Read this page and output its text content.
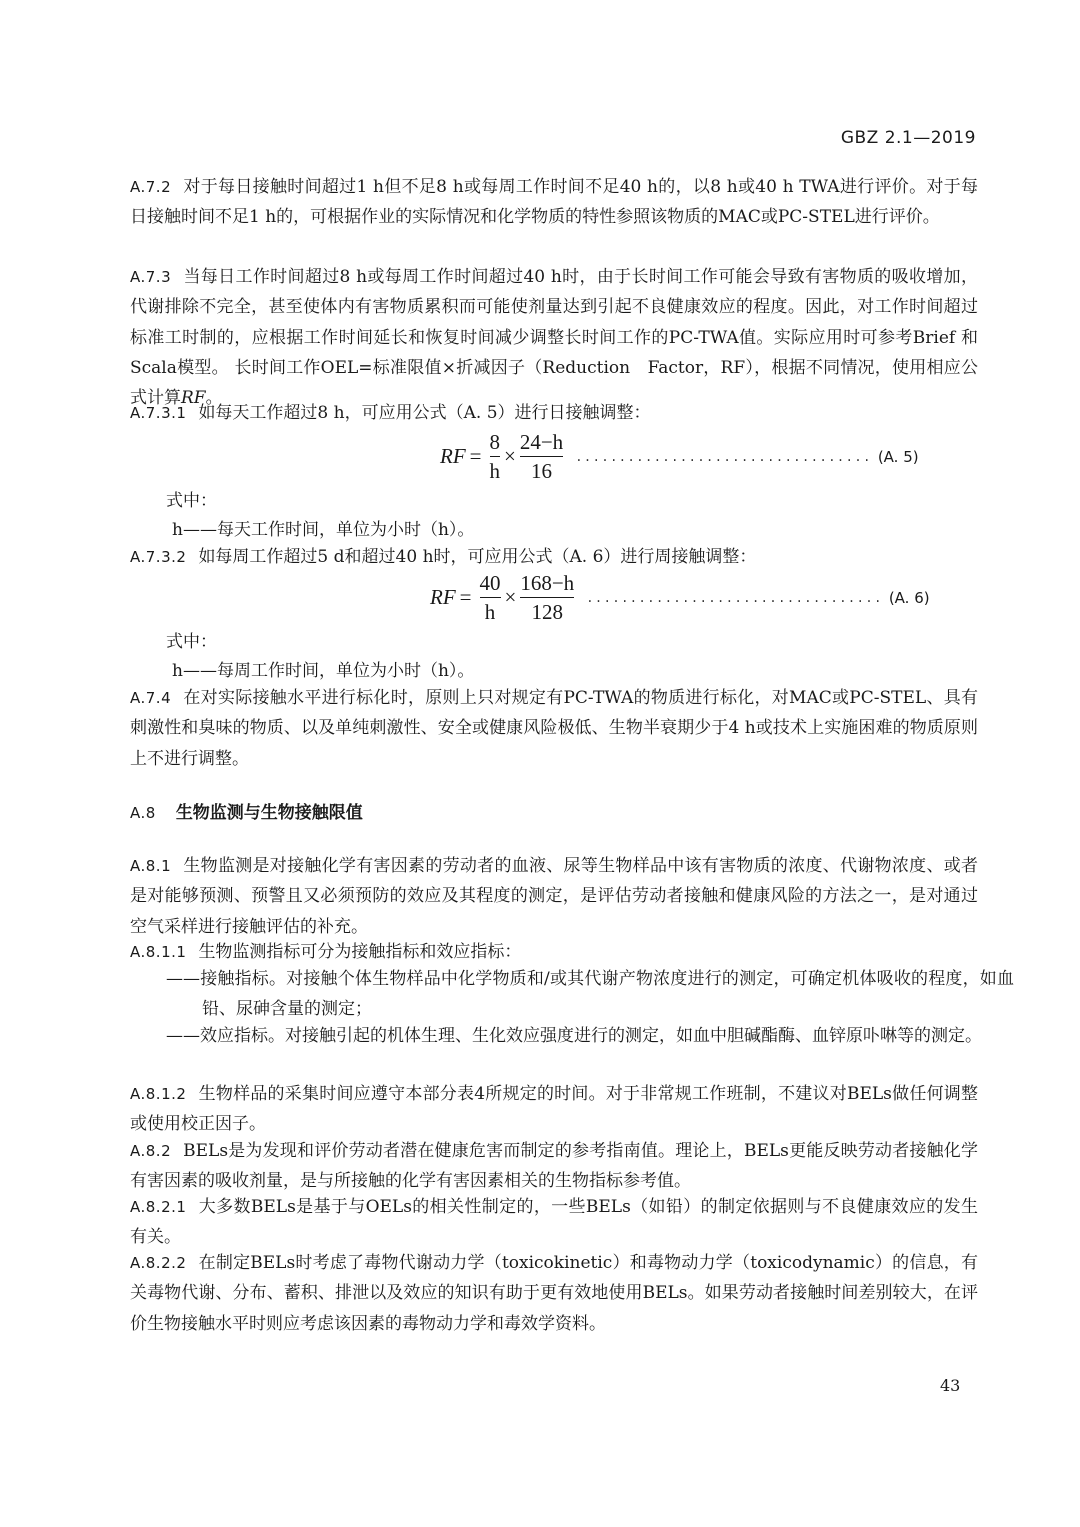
GBZ 2.1—2019
A.7.2 对于每日接触时间超过1 h但不足8 h或每周工作时间不足40 h的，以8 h或40 h TWA进行评价。对于每日接触时间不足1 h的，可根据作业的实际情况和化学物质的特性参照该物质的MAC或PC-STEL进行评价。
A.7.3 当每日工作时间超过8 h或每周工作时间超过40 h时，由于长时间工作可能会导致有害物质的吸收增加，代谢排除不完全，甚至使体内有害物质累积而可能使剂量达到引起不良健康效应的程度。因此，对工作时间超过标准工时制的，应根据工作时间延长和恢复时间减少调整长时间工作的PC-TWA值。实际应用时可参考Brief 和Scala模型。 长时间工作OEL=标准限值×折减因子（Reduction　Factor，RF），根据不同情况，使用相应公式计算RF。
A.7.3.1 如每天工作超过8 h，可应用公式（A. 5）进行日接触调整：
RF = $\frac{8}{h} \times \frac{24-h}{16}$ .................................. (A. 5)
式中：
h——每天工作时间，单位为小时（h）。
A.7.3.2 如每周工作超过5 d和超过40 h时，可应用公式（A. 6）进行周接触调整：
RF = $\frac{40}{h} \times \frac{168-h}{128}$ .................................. (A. 6)
式中：
h——每周工作时间，单位为小时（h）。
A.7.4 在对实际接触水平进行标化时，原则上只对规定有PC-TWA的物质进行标化，对MAC或PC-STEL、具有刺激性和臭味的物质、以及单纯刺激性、安全或健康风险极低、生物半衰期少于4 h或技术上实施困难的物质原则上不进行调整。
A.8 生物监测与生物接触限值
A.8.1 生物监测是对接触化学有害因素的劳动者的血液、尿等生物样品中该有害物质的浓度、代谢物浓度、或者是对能够预测、预警且又必须预防的效应及其程度的测定，是评估劳动者接触和健康风险的方法之一，是对通过空气采样进行接触评估的补充。
A.8.1.1 生物监测指标可分为接触指标和效应指标：
——接触指标。对接触个体生物样品中化学物质和/或其代谢产物浓度进行的测定，可确定机体吸收的程度，如血铅、尿砷含量的测定；
——效应指标。对接触引起的机体生理、生化效应强度进行的测定，如血中胆碱酯酶、血锌原卟啉等的测定。
A.8.1.2 生物样品的采集时间应遵守本部分表4所规定的时间。对于非常规工作班制，不建议对BELs做任何调整或使用校正因子。
A.8.2 BELs是为发现和评价劳动者潜在健康危害而制定的参考指南值。理论上，BELs更能反映劳动者接触化学有害因素的吸收剂量，是与所接触的化学有害因素相关的生物指标参考值。
A.8.2.1 大多数BELs是基于与OELs的相关性制定的，一些BELs（如铅）的制定依据则与不良健康效应的发生有关。
A.8.2.2 在制定BELs时考虑了毒物代谢动力学（toxicokinetic）和毒物动力学（toxicodynamic）的信息，有关毒物代谢、分布、蓄积、排泄以及效应的知识有助于更有效地使用BELs。如果劳动者接触时间差别较大，在评价生物接触水平时则应考虑该因素的毒物动力学和毒效学资料。
43
